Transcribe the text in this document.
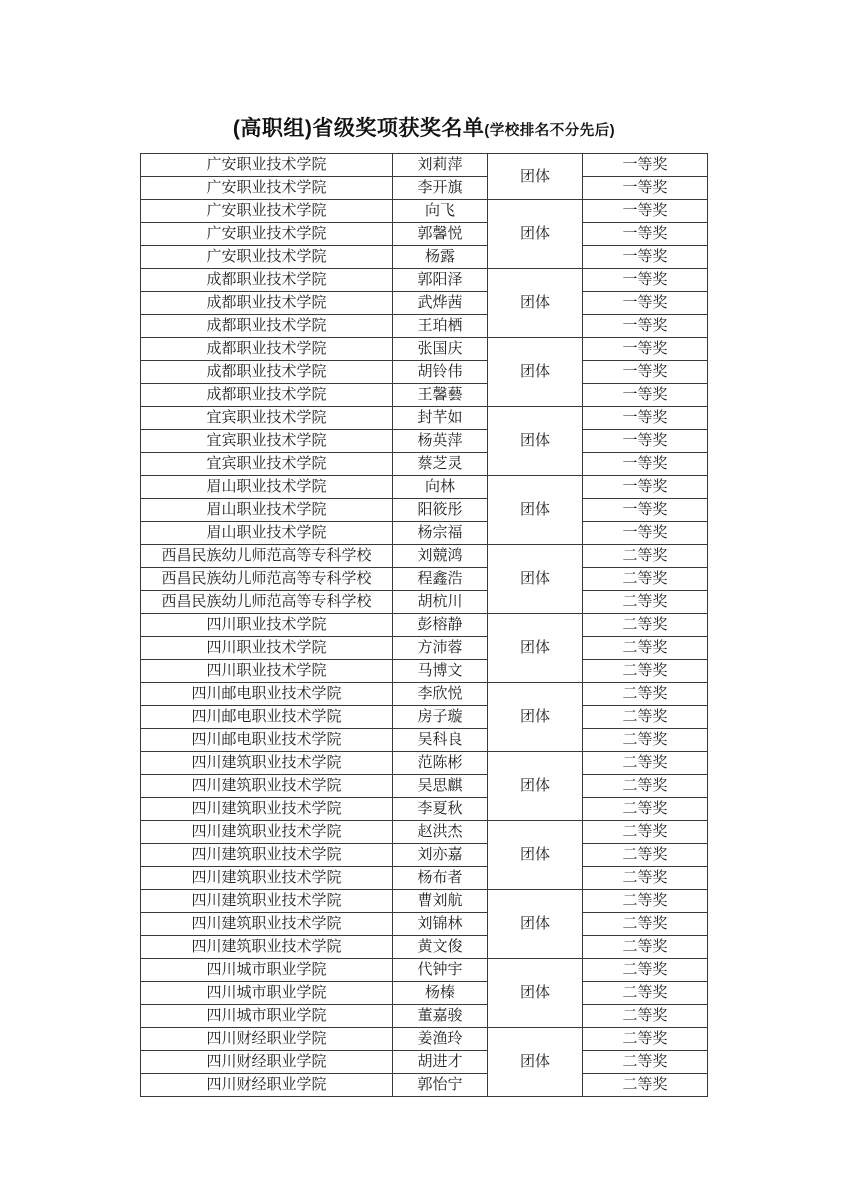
(高职组)省级奖项获奖名单(学校排名不分先后)
广安职业技术学院	刘莉萍	团体	一等奖
广安职业技术学院	李开旗		一等奖
广安职业技术学院	向飞	团体	一等奖
广安职业技术学院	郭馨悦		一等奖
广安职业技术学院	杨露		一等奖
成都职业技术学院	郭阳泽	团体	一等奖
成都职业技术学院	武烨茜		一等奖
成都职业技术学院	王珀栖		一等奖
成都职业技术学院	张国庆	团体	一等奖
成都职业技术学院	胡铃伟		一等奖
成都职业技术学院	王馨藝		一等奖
宜宾职业技术学院	封芊如	团体	一等奖
宜宾职业技术学院	杨英萍		一等奖
宜宾职业技术学院	蔡芝灵		一等奖
眉山职业技术学院	向林	团体	一等奖
眉山职业技术学院	阳筱彤		一等奖
眉山职业技术学院	杨宗福		一等奖
西昌民族幼儿师范高等专科学校	刘競鸿	团体	二等奖
西昌民族幼儿师范高等专科学校	程鑫浩		二等奖
西昌民族幼儿师范高等专科学校	胡杭川		二等奖
四川职业技术学院	彭榕静	团体	二等奖
四川职业技术学院	方沛蓉		二等奖
四川职业技术学院	马博文		二等奖
四川邮电职业技术学院	李欣悦	团体	二等奖
四川邮电职业技术学院	房子璇		二等奖
四川邮电职业技术学院	吴科良		二等奖
四川建筑职业技术学院	范陈彬	团体	二等奖
四川建筑职业技术学院	吴思麒		二等奖
四川建筑职业技术学院	李夏秋		二等奖
四川建筑职业技术学院	赵洪杰	团体	二等奖
四川建筑职业技术学院	刘亦嘉		二等奖
四川建筑职业技术学院	杨布者		二等奖
四川建筑职业技术学院	曹刘航	团体	二等奖
四川建筑职业技术学院	刘锦林		二等奖
四川建筑职业技术学院	黄文俊		二等奖
四川城市职业学院	代钟宇	团体	二等奖
四川城市职业学院	杨榛		二等奖
四川城市职业学院	董嘉骏		二等奖
四川财经职业学院	姜渔玲	团体	二等奖
四川财经职业学院	胡进才		二等奖
四川财经职业学院	郭怡宁		二等奖
